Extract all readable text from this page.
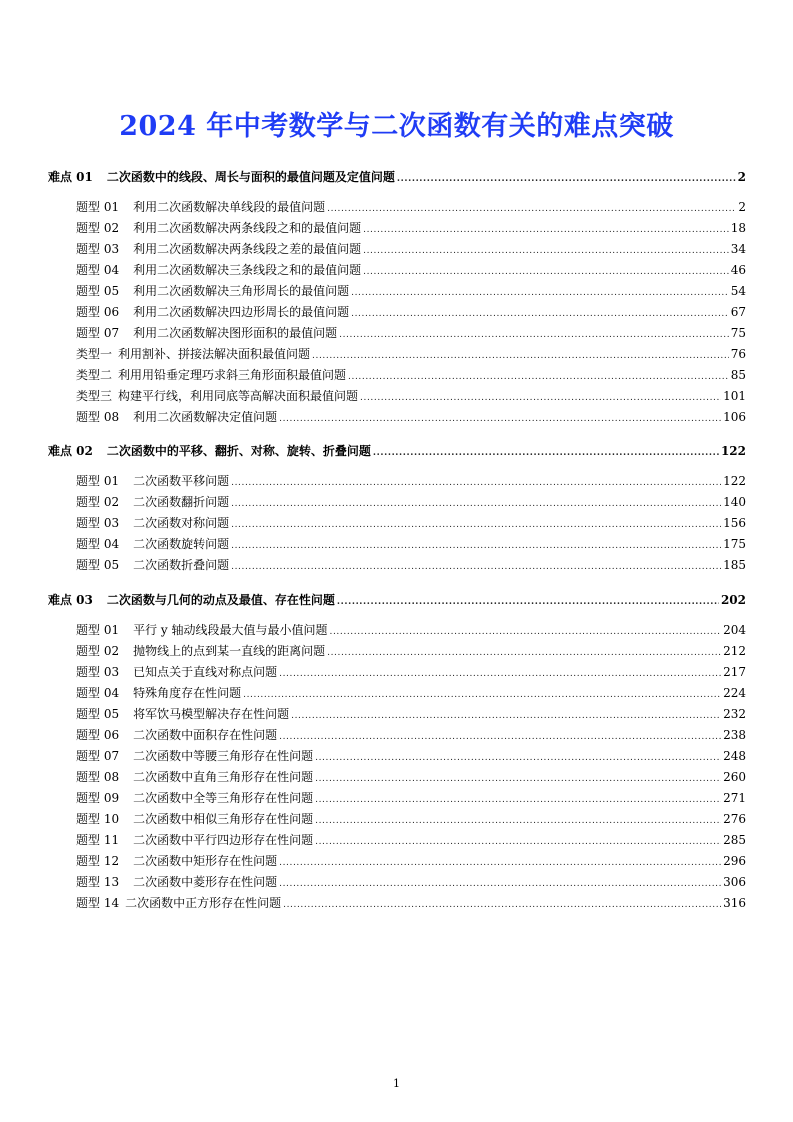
2024 年中考数学与二次函数有关的难点突破
难点 01 二次函数中的线段、周长与面积的最值问题及定值问题 .....	2
题型 01 利用二次函数解决单线段的最值问题 .....	2
题型 02 利用二次函数解决两条线段之和的最值问题 .....	18
题型 03 利用二次函数解决两条线段之差的最值问题 .....	34
题型 04 利用二次函数解决三条线段之和的最值问题 .....	46
题型 05 利用二次函数解决三角形周长的最值问题 .....	54
题型 06 利用二次函数解决四边形周长的最值问题 .....	67
题型 07 利用二次函数解决图形面积的最值问题 .....	75
类型一 利用割补、拼接法解决面积最值问题 .....	76
类型二 利用用铅垂定理巧求斜三角形面积最值问题 .....	85
类型三 构建平行线，利用同底等高解决面积最值问题 .....	101
题型 08 利用二次函数解决定值问题 .....	106
难点 02 二次函数中的平移、翻折、对称、旋转、折叠问题 .....	122
题型 01 二次函数平移问题 .....	122
题型 02 二次函数翻折问题 .....	140
题型 03 二次函数对称问题 .....	156
题型 04 二次函数旋转问题 .....	175
题型 05 二次函数折叠问题 .....	185
难点 03 二次函数与几何的动点及最值、存在性问题 .....	202
题型 01 平行 y 轴动线段最大值与最小值问题 .....	204
题型 02 抛物线上的点到某一直线的距离问题 .....	212
题型 03 已知点关于直线对称点问题 .....	217
题型 04 特殊角度存在性问题 .....	224
题型 05 将军饮马模型解决存在性问题 .....	232
题型 06 二次函数中面积存在性问题 .....	238
题型 07 二次函数中等腰三角形存在性问题 .....	248
题型 08 二次函数中直角三角形存在性问题 .....	260
题型 09 二次函数中全等三角形存在性问题 .....	271
题型 10 二次函数中相似三角形存在性问题 .....	276
题型 11 二次函数中平行四边形存在性问题 .....	285
题型 12 二次函数中矩形存在性问题 .....	296
题型 13 二次函数中菱形存在性问题 .....	306
题型 14 二次函数中正方形存在性问题 .....	316
1
